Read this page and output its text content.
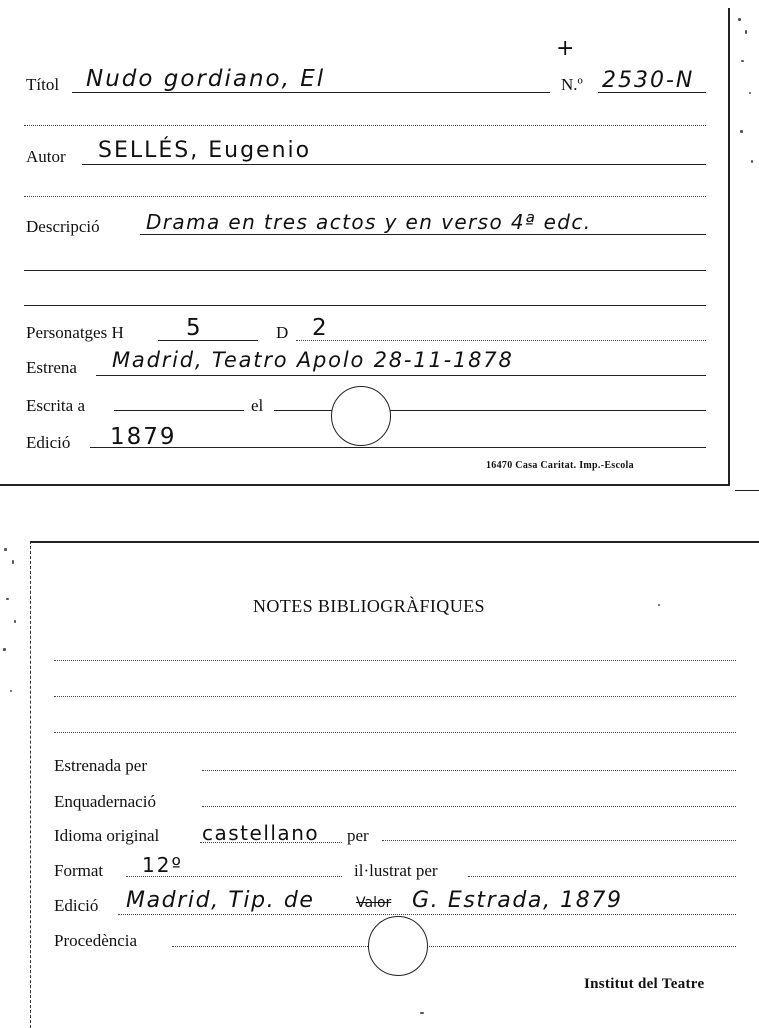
Títol Nudo gordiano, El
+
N.º 2530-N
Autor SELLÉS, Eugenio
Descripció Drama en tres actos y en verso 4ª edc.
Personatges H	5	D 2
Estrena Madrid, Teatro Apolo 28-11-1878
Escrita a	el
Edició 1879
16470 Casa Caritat. Imp.-Escola
NOTES BIBLIOGRÀFIQUES
Estrenada per
Enquadernació
Idioma original castellano per
Format 12º	il·lustrat per
Edició Madrid, Tip. de	Valor G. Estrada, 1879
Procedència
Institut del Teatre
